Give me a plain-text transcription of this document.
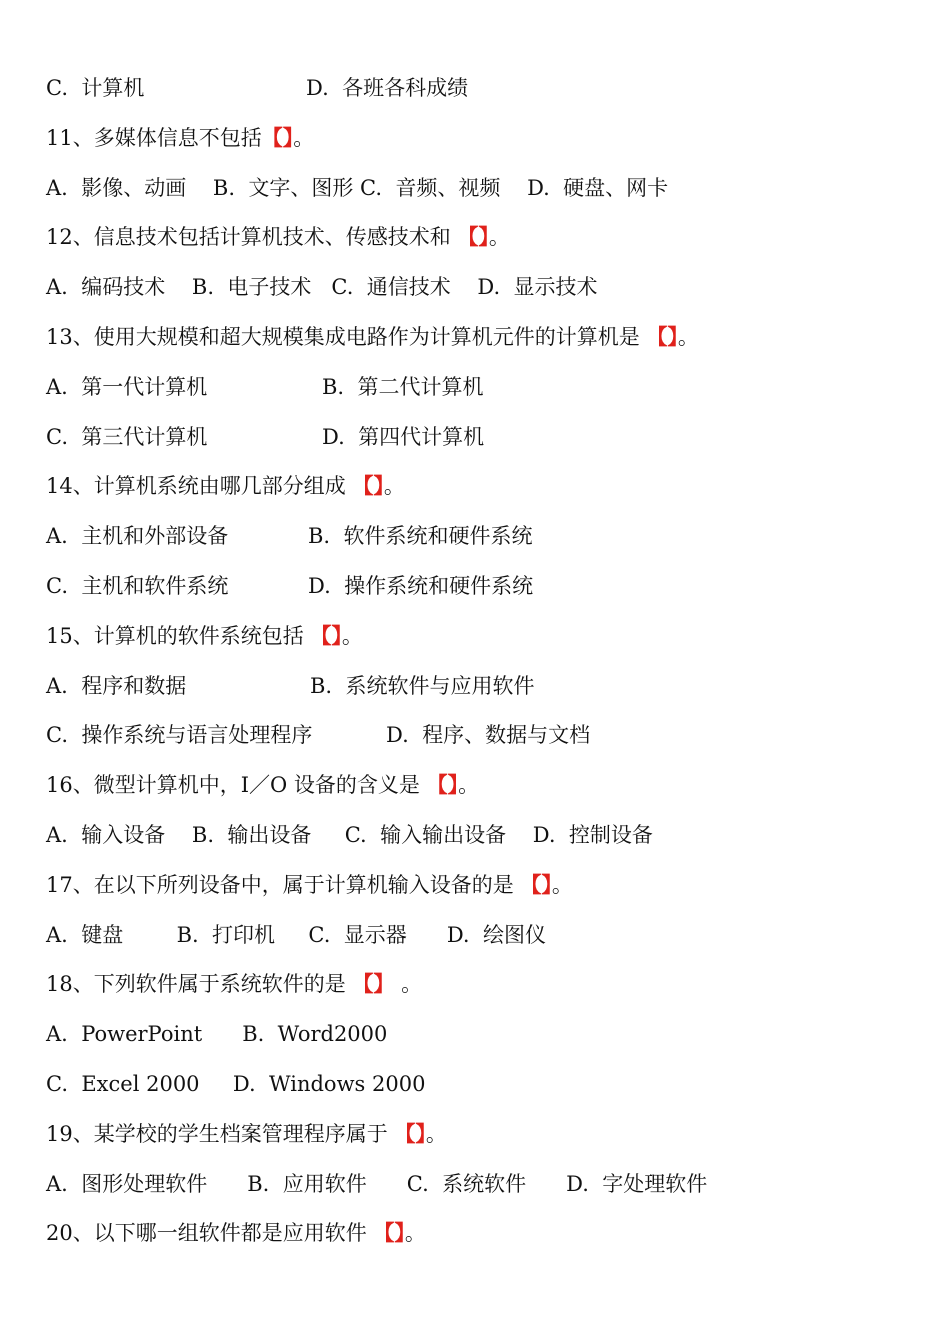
C.  计算机	D.  各班各科成绩
11、多媒体信息不包括【】。
A.  影像、动画    B.  文字、图形 C.  音频、视频    D.  硬盘、网卡
12、信息技术包括计算机技术、传感技术和 【】。
A.  编码技术    B.  电子技术   C.  通信技术    D.  显示技术
13、使用大规模和超大规模集成电路作为计算机元件的计算机是 【】。
A.  第一代计算机	B.  第二代计算机
C.  第三代计算机	D.  第四代计算机
14、计算机系统由哪几部分组成 【】。
A.  主机和外部设备	B.  软件系统和硬件系统
C.  主机和软件系统	D.  操作系统和硬件系统
15、计算机的软件系统包括 【】。
A.  程序和数据	B.  系统软件与应用软件
C.  操作系统与语言处理程序	D.  程序、数据与文档
16、微型计算机中，I／O 设备的含义是 【】。
A.  输入设备    B.  输出设备     C.  输入输出设备    D.  控制设备
17、在以下所列设备中，属于计算机输入设备的是 【】。
A.  键盘        B.  打印机     C.  显示器      D.  绘图仪
18、下列软件属于系统软件的是 【】 。
A.  PowerPoint      B.  Word2000
C.  Excel 2000     D.  Windows 2000
19、某学校的学生档案管理程序属于 【】。
A.  图形处理软件      B.  应用软件      C.  系统软件      D.  字处理软件
20、以下哪一组软件都是应用软件 【】。
